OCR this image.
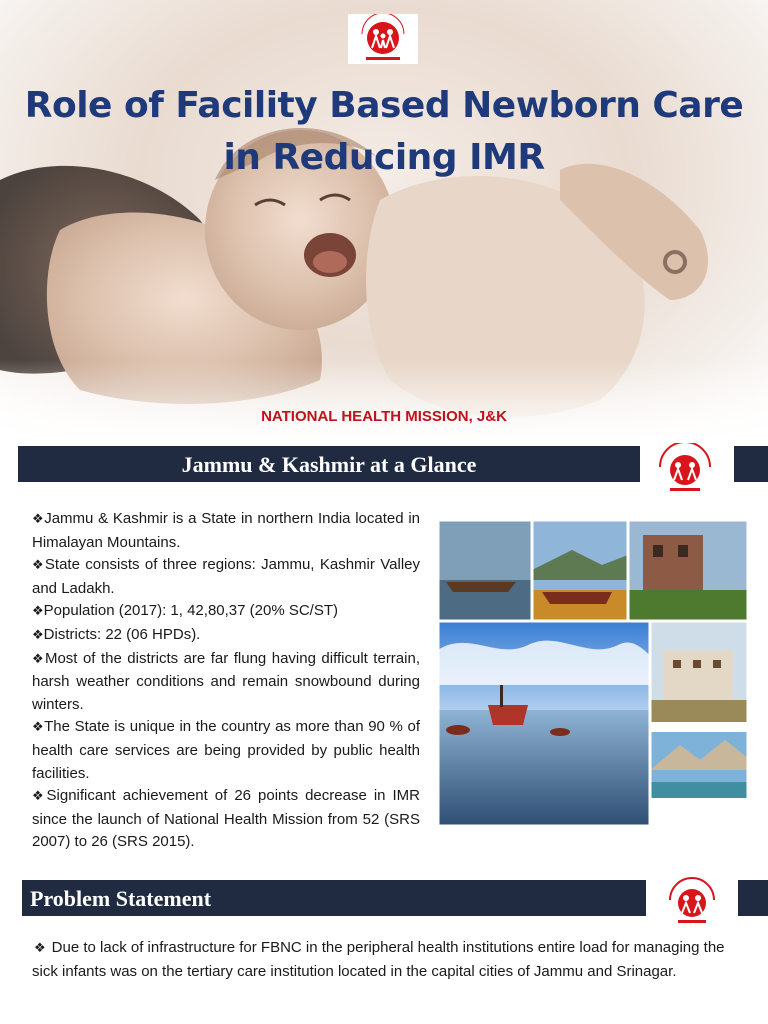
Role of Facility Based Newborn Care
in Reducing IMR
NATIONAL HEALTH MISSION, J&K
Jammu & Kashmir at a Glance
❖Jammu & Kashmir is a State in northern India located in Himalayan Mountains.
❖State consists of three regions: Jammu, Kashmir Valley and Ladakh.
❖Population (2017): 1, 42,80,37 (20% SC/ST)
❖Districts: 22 (06 HPDs).
❖Most of the districts are far flung having difficult terrain, harsh weather conditions and remain snowbound during winters.
❖The State is unique in the country as more than 90 % of health care services are being provided by public health facilities.
❖Significant achievement of 26 points decrease in IMR since the launch of National Health Mission from 52 (SRS 2007) to 26 (SRS 2015).
Problem Statement
❖ Due to lack of infrastructure for FBNC in the peripheral health institutions entire load for managing the sick infants was on the tertiary care institution located in the capital cities of Jammu and Srinagar.
